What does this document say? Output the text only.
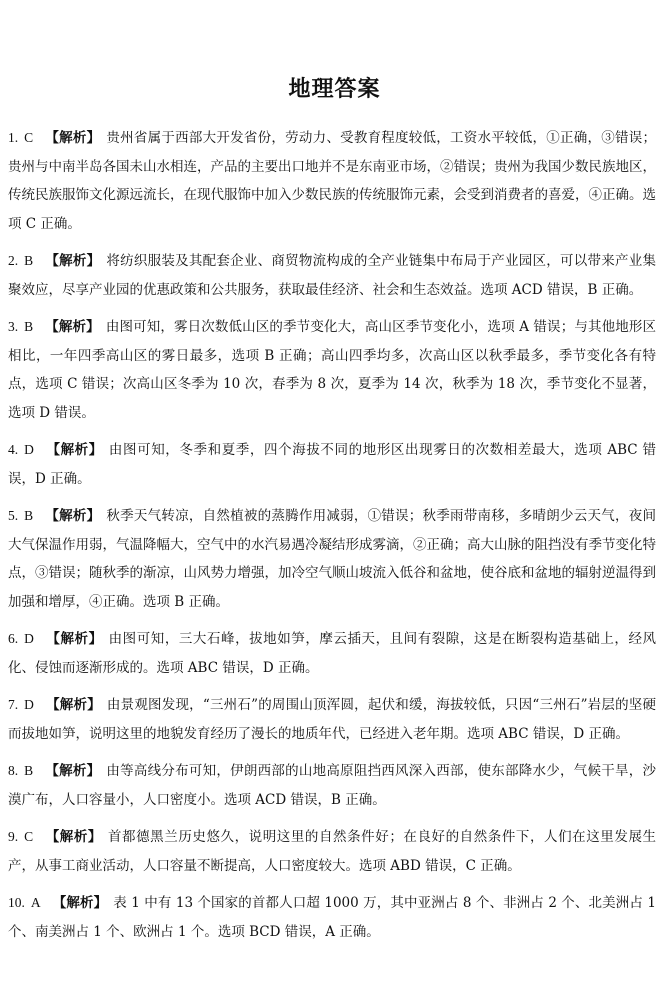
地理答案

1. C 【解析】 贵州省属于西部大开发省份，劳动力、受教育程度较低，工资水平较低，①正确，③错误；贵州与中南半岛各国未山水相连，产品的主要出口地并不是东南亚市场，②错误；贵州为我国少数民族地区，传统民族服饰文化源远流长，在现代服饰中加入少数民族的传统服饰元素，会受到消费者的喜爱，④正确。选项 C 正确。

2. B 【解析】 将纺织服装及其配套企业、商贸物流构成的全产业链集中布局于产业园区，可以带来产业集聚效应，尽享产业园的优惠政策和公共服务，获取最佳经济、社会和生态效益。选项 ACD 错误，B 正确。

3. B 【解析】 由图可知，雾日次数低山区的季节变化大，高山区季节变化小，选项 A 错误；与其他地形区相比，一年四季高山区的雾日最多，选项 B 正确；高山四季均多，次高山区以秋季最多，季节变化各有特点，选项 C 错误；次高山区冬季为 10 次，春季为 8 次，夏季为 14 次，秋季为 18 次，季节变化不显著，选项 D 错误。

4. D 【解析】 由图可知，冬季和夏季，四个海拔不同的地形区出现雾日的次数相差最大，选项 ABC 错误，D 正确。

5. B 【解析】 秋季天气转凉，自然植被的蒸腾作用减弱，①错误；秋季雨带南移，多晴朗少云天气，夜间大气保温作用弱，气温降幅大，空气中的水汽易遇冷凝结形成雾滴，②正确；高大山脉的阻挡没有季节变化特点，③错误；随秋季的渐凉，山风势力增强，加冷空气顺山坡流入低谷和盆地，使谷底和盆地的辐射逆温得到加强和增厚，④正确。选项 B 正确。

6. D 【解析】 由图可知，三大石峰，拔地如笋，摩云插天，且间有裂隙，这是在断裂构造基础上，经风化、侵蚀而逐渐形成的。选项 ABC 错误，D 正确。

7. D 【解析】 由景观图发现，“三州石”的周围山顶浑圆，起伏和缓，海拔较低，只因“三州石”岩层的坚硬而拔地如笋，说明这里的地貌发育经历了漫长的地质年代，已经进入老年期。选项 ABC 错误，D 正确。

8. B 【解析】 由等高线分布可知，伊朗西部的山地高原阻挡西风深入西部，使东部降水少，气候干旱，沙漠广布，人口容量小，人口密度小。选项 ACD 错误，B 正确。

9. C 【解析】 首都德黑兰历史悠久，说明这里的自然条件好；在良好的自然条件下，人们在这里发展生产，从事工商业活动，人口容量不断提高，人口密度较大。选项 ABD 错误，C 正确。

10. A 【解析】 表 1 中有 13 个国家的首都人口超 1000 万，其中亚洲占 8 个、非洲占 2 个、北美洲占 1 个、南美洲占 1 个、欧洲占 1 个。选项 BCD 错误，A 正确。
